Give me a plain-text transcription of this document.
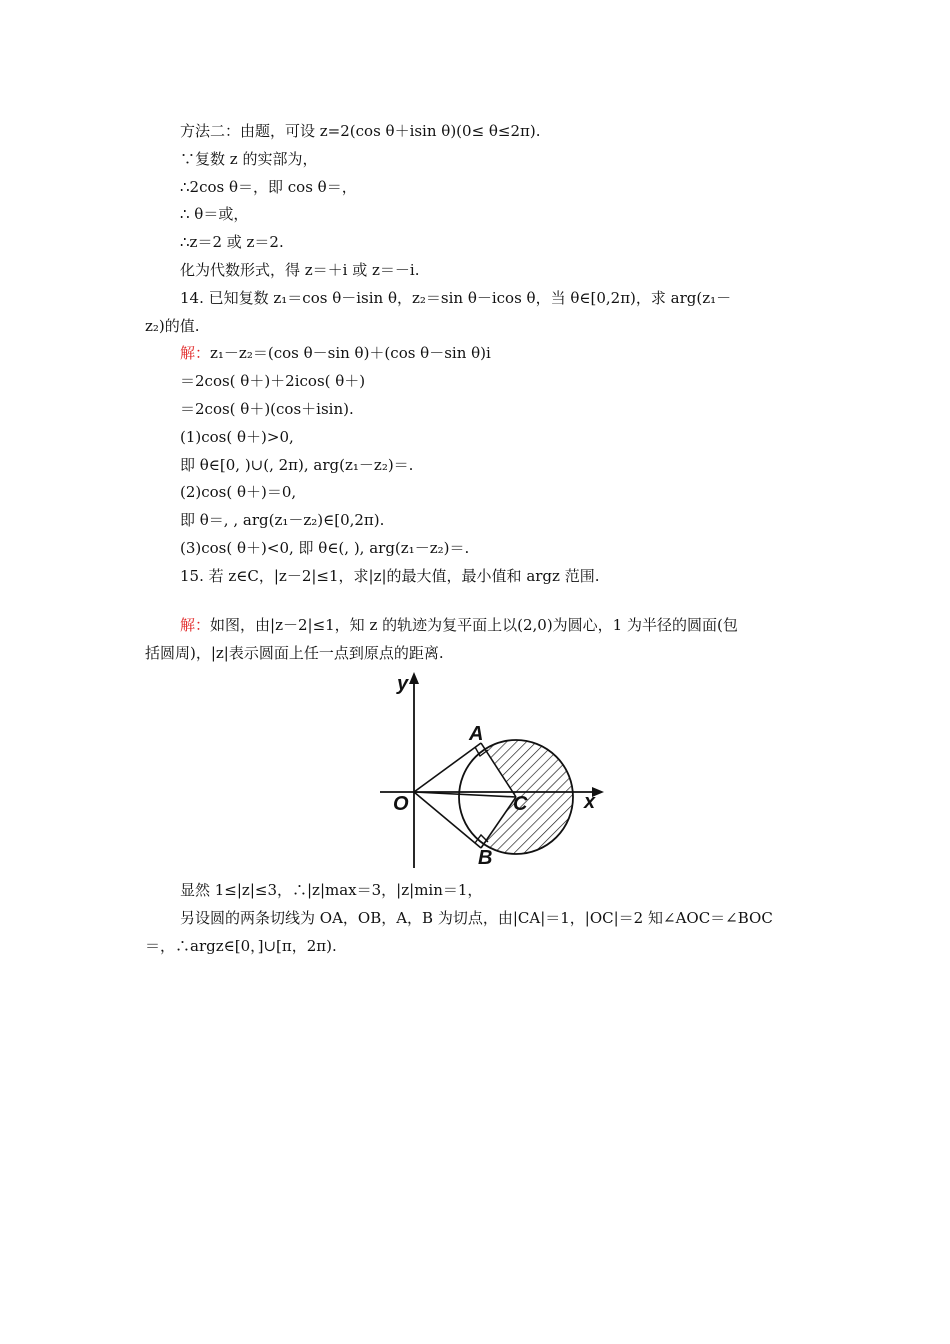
方法二：由题，可设 z=2(cos θ＋isin θ)(0≤ θ≤2π).
∵复数 z 的实部为，
∴2cos θ＝，即 cos θ＝，
∴ θ＝或，
∴z＝2 或 z＝2.
化为代数形式，得 z＝＋i 或 z＝－i.
14. 已知复数 z₁＝cos θ－isin θ，z₂＝sin θ－icos θ，当 θ∈[0,2π)，求 arg(z₁－
z₂)的值.
解：z₁－z₂＝(cos θ－sin θ)＋(cos θ－sin θ)i
＝2cos( θ＋)＋2icos( θ＋)
＝2cos( θ＋)(cos＋isin).
(1)cos( θ＋)>0,
即 θ∈[0, )∪(, 2π), arg(z₁－z₂)＝.
(2)cos( θ＋)＝0,
即 θ＝, , arg(z₁－z₂)∈[0,2π).
(3)cos( θ＋)<0, 即 θ∈(, ), arg(z₁－z₂)＝.
15. 若 z∈C，|z－2|≤1，求|z|的最大值，最小值和 argz 范围.
解：如图，由|z－2|≤1，知 z 的轨迹为复平面上以(2,0)为圆心，1 为半径的圆面(包
括圆周)，|z|表示圆面上任一点到原点的距离.
y
x
O	C
A
B
显然 1≤|z|≤3，∴|z|max＝3，|z|min＝1，
另设圆的两条切线为 OA，OB，A，B 为切点，由|CA|＝1，|OC|＝2 知∠AOC＝∠BOC
＝，∴argz∈[0，]∪[π，2π).
